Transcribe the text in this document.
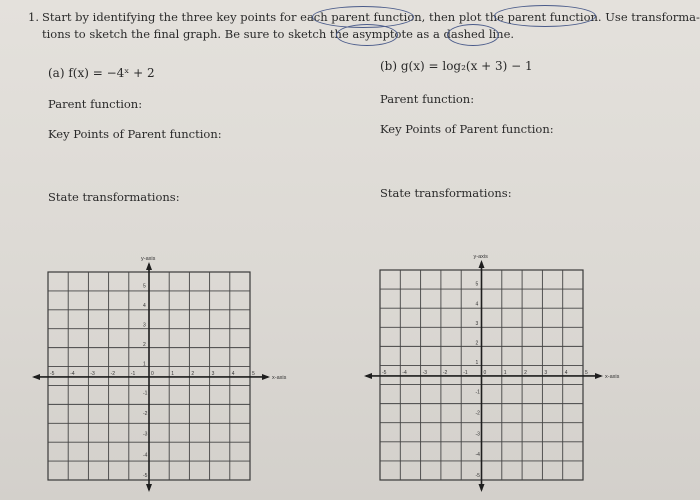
1. Start by identifying the three key points for each parent function, then plot the parent function. Use transforma-
tions to sketch the final graph. Be sure to sketch the asymptote as a dashed line.
(a) f(x) = −4ˣ + 2
Parent function:
Key Points of Parent function:
State transformations:
(b) g(x) = log₂(x + 3) − 1
Parent function:
Key Points of Parent function:
State transformations:
-5	-4	-3	-2	-1	0	1	2	3	4	5
5
4
3
2
1
-1
-2
-3
-4
-5
y-axis
x-axis
-5	-4	-3	-2	-1	0	1	2	3	4	5
5
4
3
2
1
-1
-2
-3
-4
-5
y-axis
x-axis
